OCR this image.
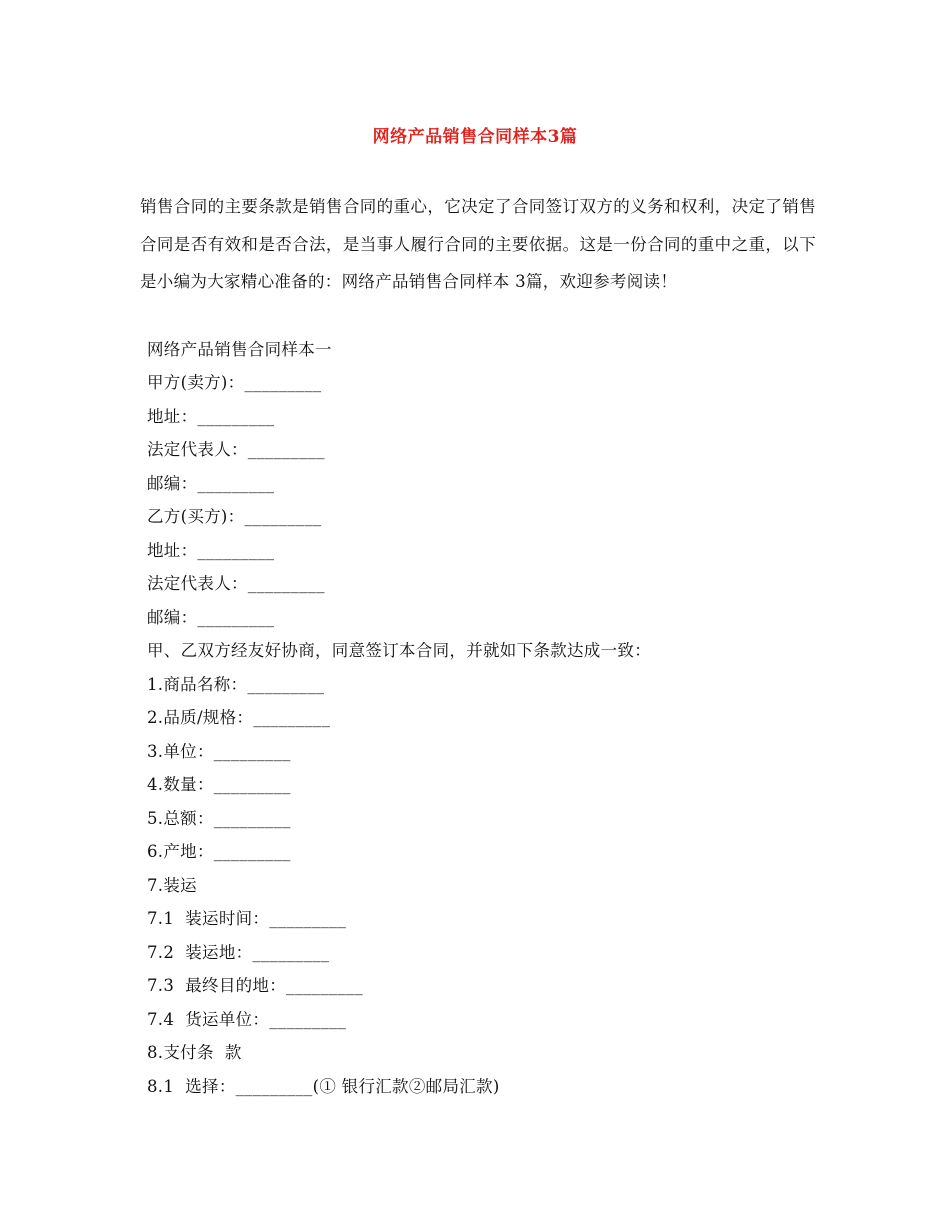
网络产品销售合同样本3篇
销售合同的主要条款是销售合同的重心，它决定了合同签订双方的义务和权利，决定了销售合同是否有效和是否合法，是当事人履行合同的主要依据。这是一份合同的重中之重，以下是小编为大家精心准备的：网络产品销售合同样本 3篇，欢迎参考阅读！
网络产品销售合同样本一
甲方(卖方)：_________
地址：_________
法定代表人：_________
邮编：_________
乙方(买方)：_________
地址：_________
法定代表人：_________
邮编：_________
甲、乙双方经友好协商，同意签订本合同，并就如下条款达成一致：
1.商品名称：_________
2.品质/规格：_________
3.单位：_________
4.数量：_________
5.总额：_________
6.产地：_________
7.装运
7.1  装运时间：_________
7.2  装运地：_________
7.3  最终目的地：_________
7.4  货运单位：_________
8.支付条  款
8.1  选择：_________(① 银行汇款②邮局汇款)
